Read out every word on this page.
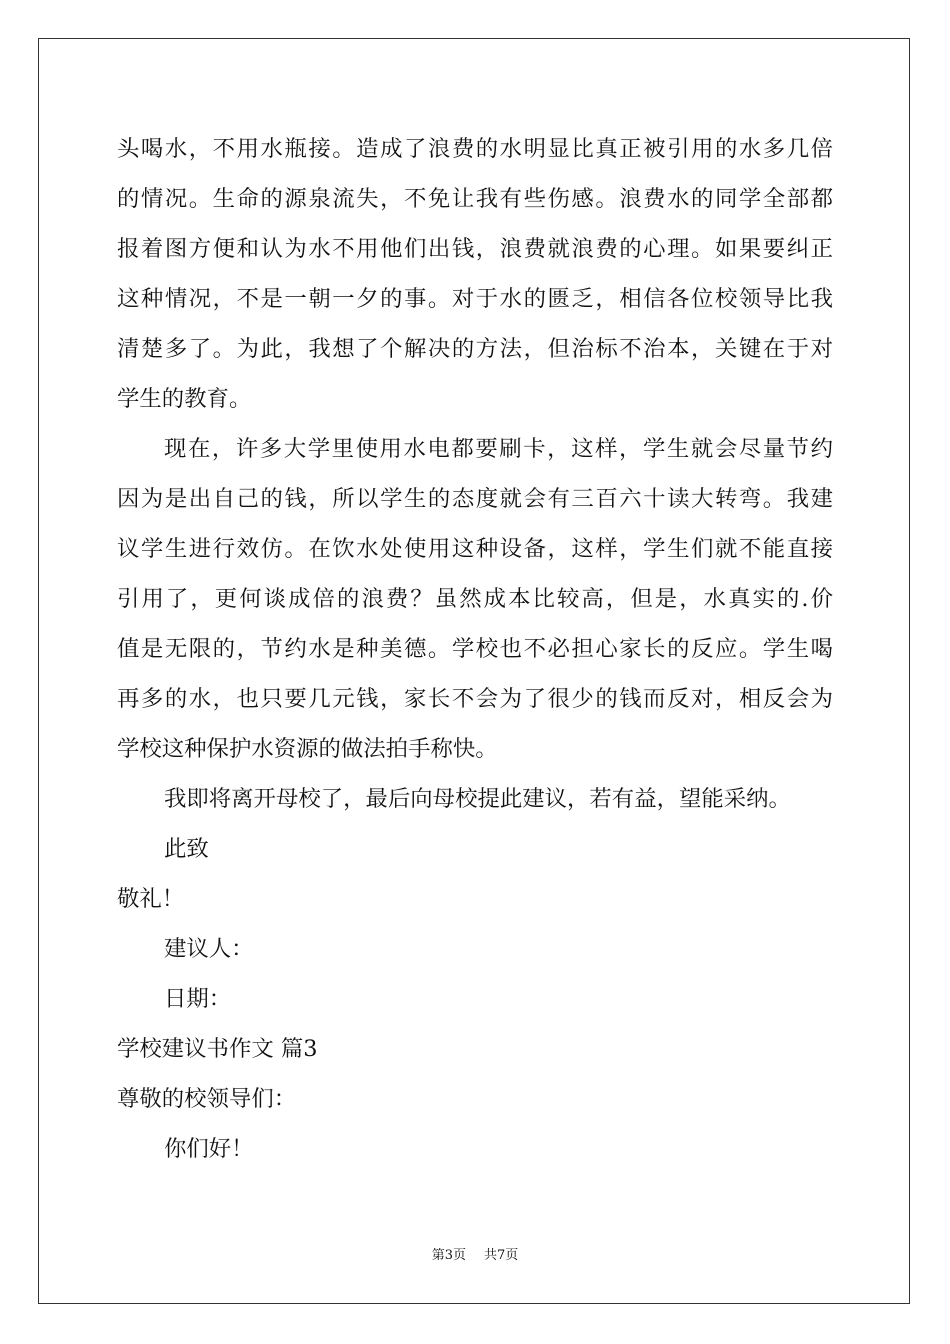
头喝水，不用水瓶接。造成了浪费的水明显比真正被引用的水多几倍
的情况。生命的源泉流失，不免让我有些伤感。浪费水的同学全部都
报着图方便和认为水不用他们出钱，浪费就浪费的心理。如果要纠正
这种情况，不是一朝一夕的事。对于水的匮乏，相信各位校领导比我
清楚多了。为此，我想了个解决的方法，但治标不治本，关键在于对
学生的教育。
现在，许多大学里使用水电都要刷卡，这样，学生就会尽量节约
因为是出自己的钱，所以学生的态度就会有三百六十读大转弯。我建
议学生进行效仿。在饮水处使用这种设备，这样，学生们就不能直接
引用了，更何谈成倍的浪费？虽然成本比较高，但是，水真实的.价
值是无限的，节约水是种美德。学校也不必担心家长的反应。学生喝
再多的水，也只要几元钱，家长不会为了很少的钱而反对，相反会为
学校这种保护水资源的做法拍手称快。
我即将离开母校了，最后向母校提此建议，若有益，望能采纳。
此致
敬礼！
建议人：
日期：
学校建议书作文 篇3
尊敬的校领导们：
你们好！
第3页 共7页
